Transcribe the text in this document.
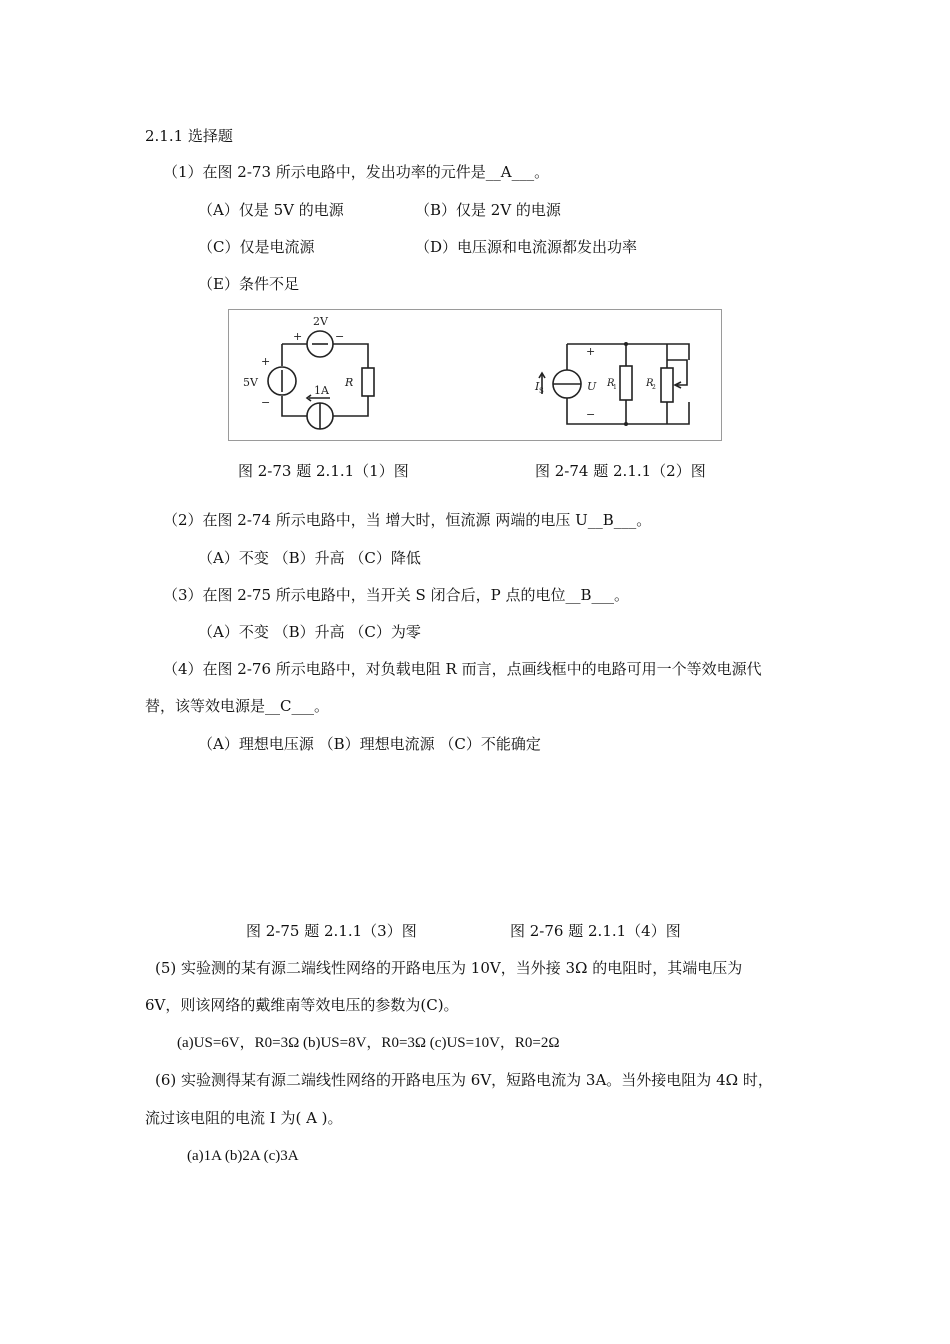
2.1.1 选择题
（1）在图 2-73 所示电路中，发出功率的元件是__A___。
（A）仅是 5V 的电源	（B）仅是 2V 的电源
（C）仅是电流源	（D）电压源和电流源都发出功率
（E）条件不足
2V
+	−
+
5V
−
1A
R	I S	U
+
−
R
1	R
2
图 2-73 题 2.1.1（1）图	图 2-74 题 2.1.1（2）图
（2）在图 2-74 所示电路中，当 增大时，恒流源 两端的电压 U__B___。
（A）不变 （B）升高 （C）降低
（3）在图 2-75 所示电路中，当开关 S 闭合后，P 点的电位__B___。
（A）不变 （B）升高 （C）为零
（4）在图 2-76 所示电路中，对负载电阻 R 而言，点画线框中的电路可用一个等效电源代
替，该等效电源是__C___。
（A）理想电压源 （B）理想电流源 （C）不能确定
图 2-75 题 2.1.1（3）图	图 2-76 题 2.1.1（4）图
(5) 实验测的某有源二端线性网络的开路电压为 10V，当外接 3Ω 的电阻时，其端电压为
6V，则该网络的戴维南等效电压的参数为(C)。
(a)US=6V，R0=3Ω (b)US=8V，R0=3Ω (c)US=10V，R0=2Ω
(6) 实验测得某有源二端线性网络的开路电压为 6V，短路电流为 3A。当外接电阻为 4Ω 时，
流过该电阻的电流 I 为( A )。
(a)1A (b)2A (c)3A
